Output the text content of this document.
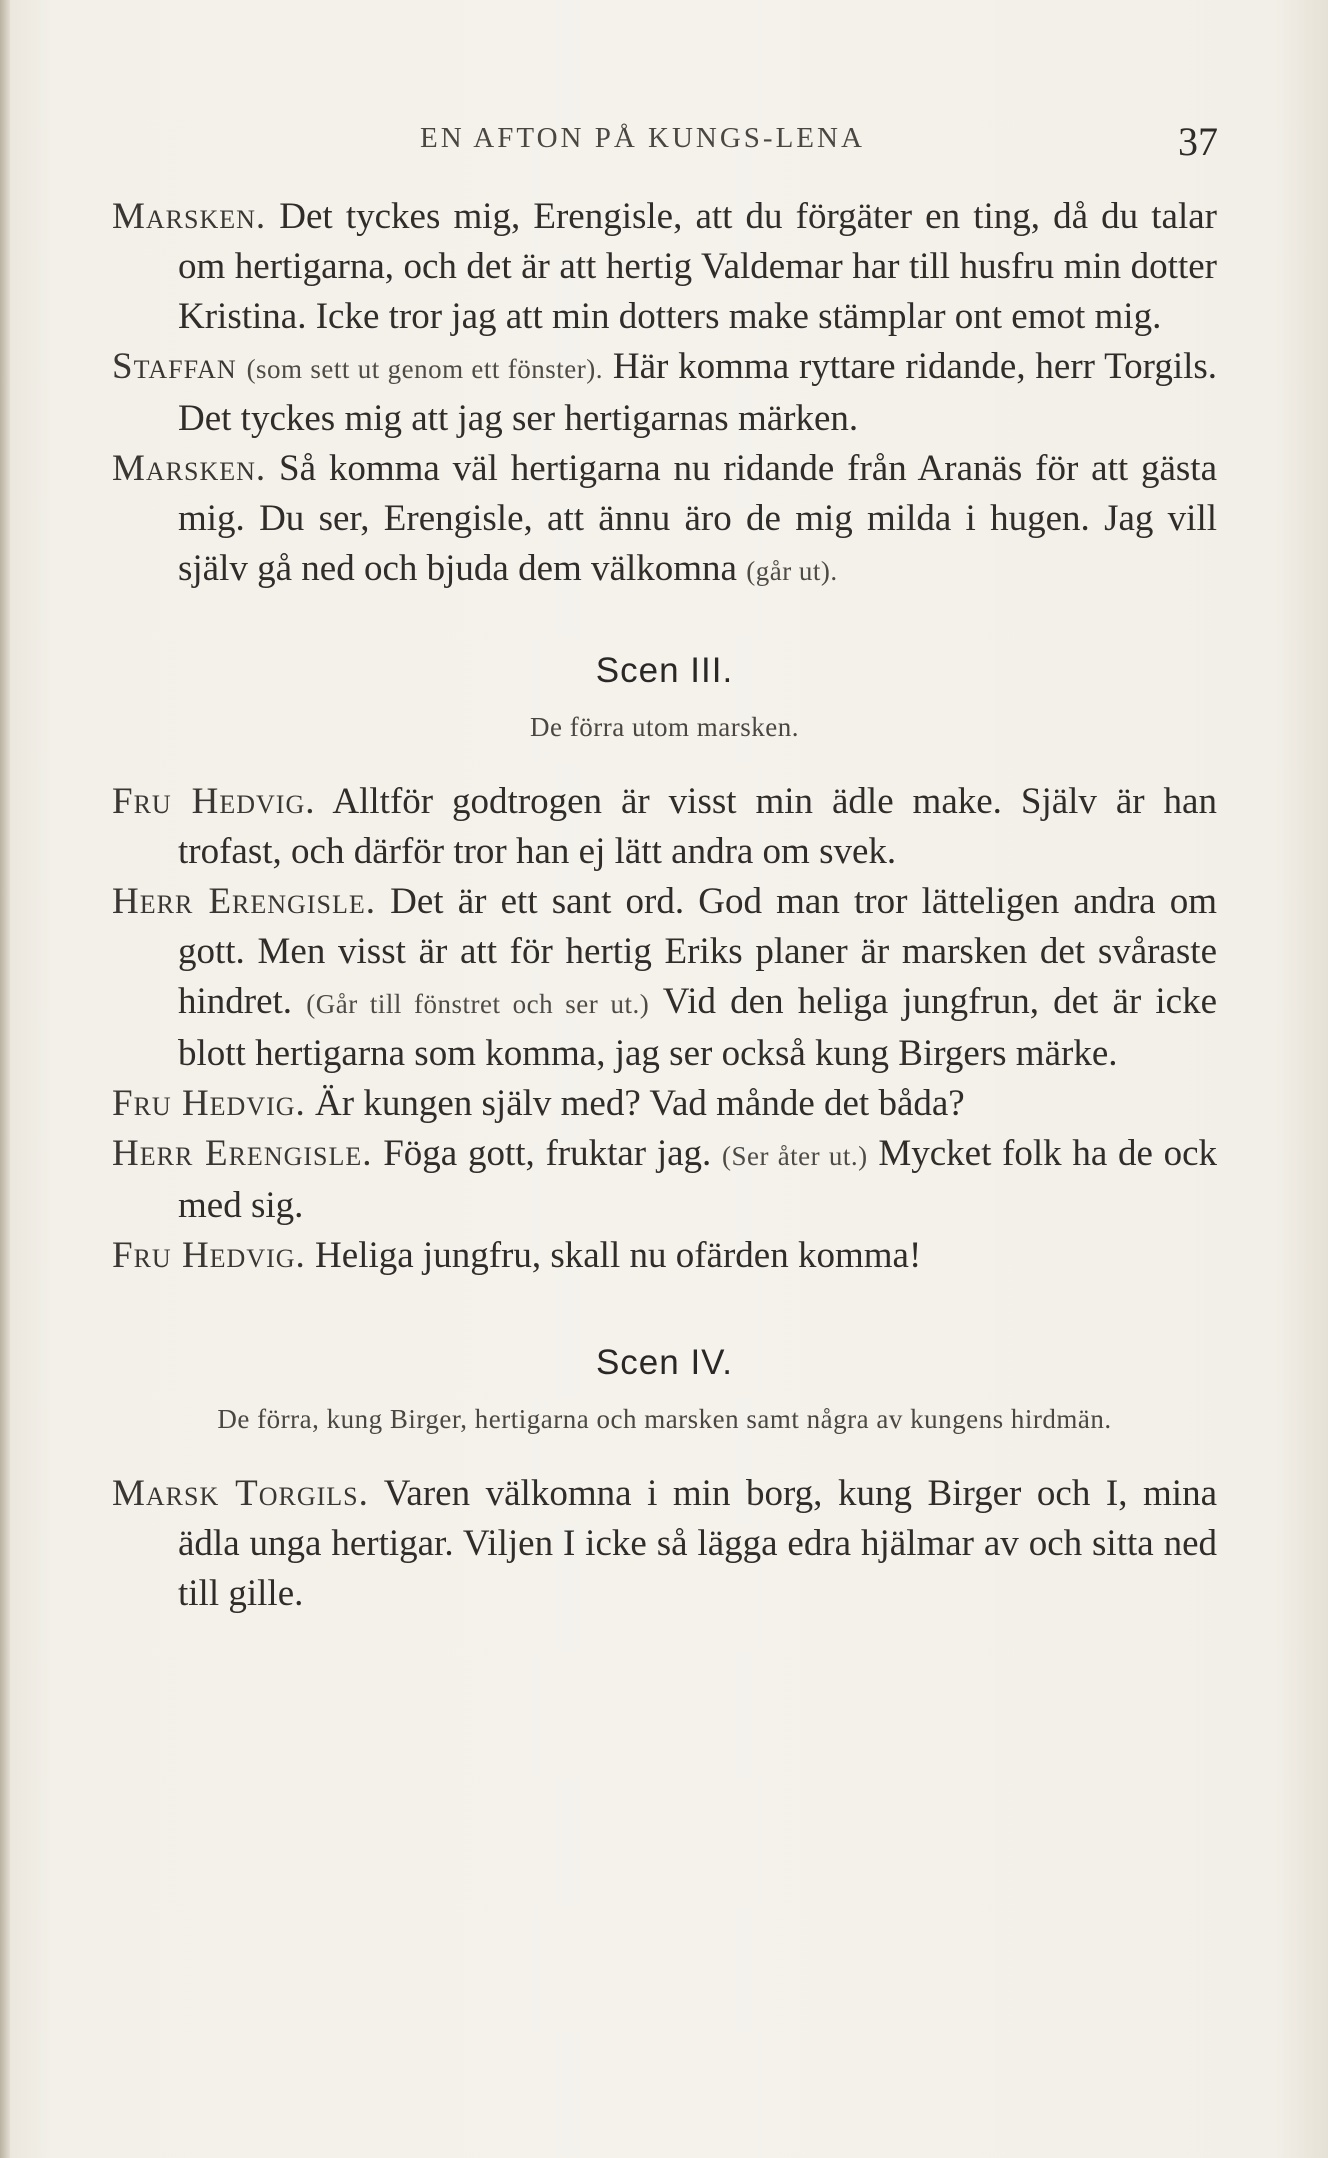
EN AFTON PÅ KUNGS-LENA	37

Marsken. Det tyckes mig, Erengisle, att du förgäter en ting, då du talar om hertigarna, och det är att hertig Valdemar har till husfru min dotter Kristina. Icke tror jag att min dotters make stämplar ont emot mig.

Staffan (som sett ut genom ett fönster). Här komma ryttare ridande, herr Torgils. Det tyckes mig att jag ser hertigarnas märken.

Marsken. Så komma väl hertigarna nu ridande från Aranäs för att gästa mig. Du ser, Erengisle, att ännu äro de mig milda i hugen. Jag vill själv gå ned och bjuda dem välkomna (går ut).

Scen III.

De förra utom marsken.

Fru Hedvig. Alltför godtrogen är visst min ädle make. Själv är han trofast, och därför tror han ej lätt andra om svek.

Herr Erengisle. Det är ett sant ord. God man tror lätteligen andra om gott. Men visst är att för hertig Eriks planer är marsken det svåraste hindret. (Går till fönstret och ser ut.) Vid den heliga jungfrun, det är icke blott hertigarna som komma, jag ser också kung Birgers märke.

Fru Hedvig. Är kungen själv med? Vad månde det båda?

Herr Erengisle. Föga gott, fruktar jag. (Ser åter ut.) Mycket folk ha de ock med sig.

Fru Hedvig. Heliga jungfru, skall nu ofärden komma!

Scen IV.

De förra, kung Birger, hertigarna och marsken samt några av kungens hirdmän.

Marsk Torgils. Varen välkomna i min borg, kung Birger och I, mina ädla unga hertigar. Viljen I icke så lägga edra hjälmar av och sitta ned till gille.
